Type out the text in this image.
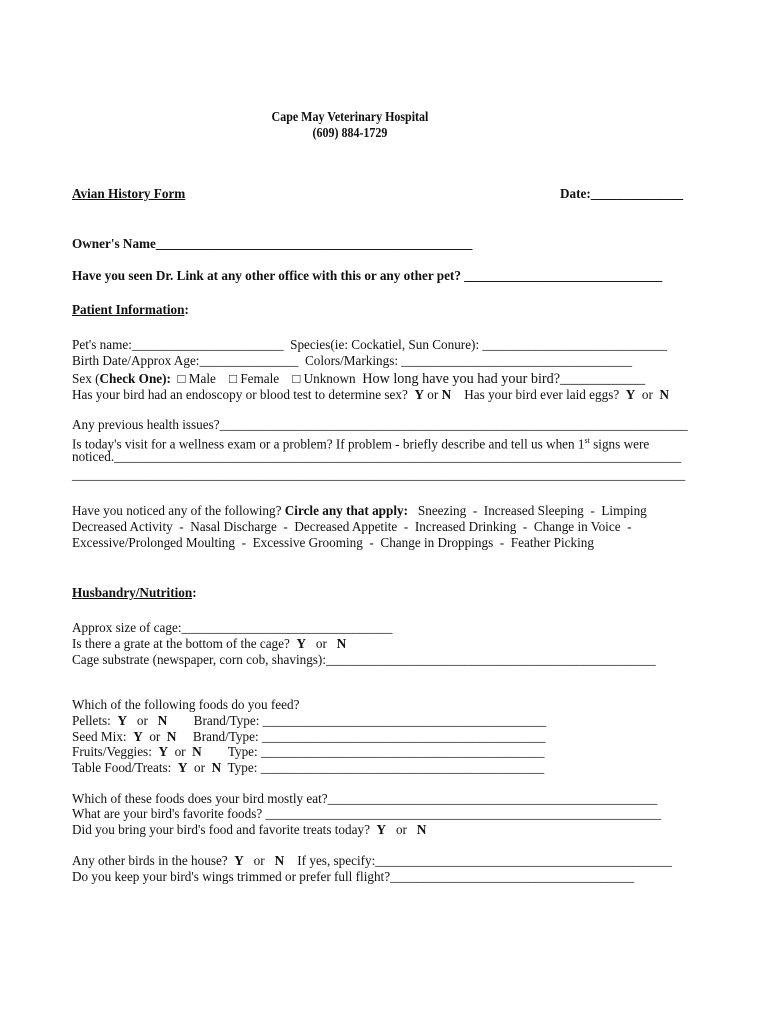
Cape May Veterinary Hospital
(609) 884-1729
Avian History Form	Date:______________
Owner's Name________________________________________________
Have you seen Dr. Link at any other office with this or any other pet? ______________________________
Patient Information:
Pet's name:_______________________  Species(ie: Cockatiel, Sun Conure): ____________________________
Birth Date/Approx Age:_______________  Colors/Markings: ___________________________________
Sex (Check One):  □ Male    □ Female    □ Unknown  How long have you had your bird?____________
Has your bird had an endoscopy or blood test to determine sex?  Y or N    Has your bird ever laid eggs?  Y  or  N
Any previous health issues?_______________________________________________________________________
Is today's visit for a wellness exam or a problem? If problem - briefly describe and tell us when 1st signs were
noticed.______________________________________________________________________________________
_____________________________________________________________________________________________
Have you noticed any of the following? Circle any that apply:   Sneezing  -  Increased Sleeping  -  Limping
Decreased Activity  -  Nasal Discharge  -  Decreased Appetite  -  Increased Drinking  -  Change in Voice  -
Excessive/Prolonged Moulting  -  Excessive Grooming  -  Change in Droppings  -  Feather Picking
Husbandry/Nutrition:
Approx size of cage:________________________________
Is there a grate at the bottom of the cage?  Y   or   N
Cage substrate (newspaper, corn cob, shavings):__________________________________________________
Which of the following foods do you feed?
Pellets:  Y   or   N        Brand/Type: ___________________________________________
Seed Mix:  Y  or  N     Brand/Type: ___________________________________________
Fruits/Veggies:  Y  or  N        Type: ___________________________________________
Table Food/Treats:  Y  or  N  Type: ___________________________________________
Which of these foods does your bird mostly eat?__________________________________________________
What are your bird's favorite foods? ____________________________________________________________
Did you bring your bird's food and favorite treats today?  Y   or   N
Any other birds in the house?  Y   or   N    If yes, specify:_____________________________________________
Do you keep your bird's wings trimmed or prefer full flight?_____________________________________
